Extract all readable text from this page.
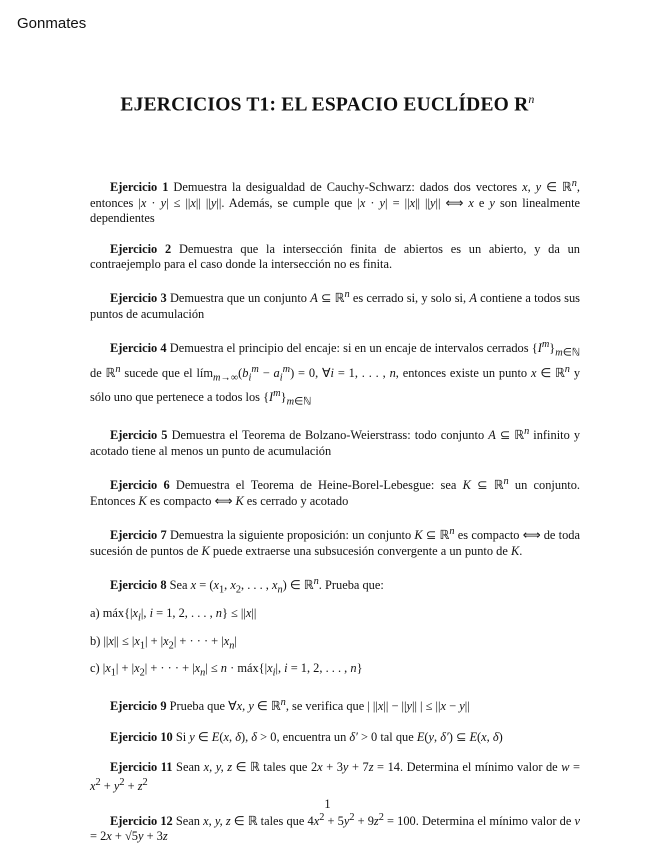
Gonmates
EJERCICIOS T1: EL ESPACIO EUCLÍDEO $R^n$

Ejercicio 1 Demuestra la desigualdad de Cauchy-Schwarz: dados dos vectores x, y ∈ ℝ$^n$, entonces |x · y| ≤ ||x|| ||y||. Además, se cumple que |x · y| = ||x|| ||y|| ⟺ x e y son linealmente dependientes

Ejercicio 2 Demuestra que la intersección finita de abiertos es un abierto, y da un contraejemplo para el caso donde la intersección no es finita.

Ejercicio 3 Demuestra que un conjunto A ⊆ ℝ$^n$ es cerrado si, y solo si, A contiene a todos sus puntos de acumulación

Ejercicio 4 Demuestra el principio del encaje: si en un encaje de intervalos cerrados $\{I^m\}_{m\in ℕ}$ de ℝ$^n$ sucede que el $lím_{m\to\infty}(b_i^m - a_i^m) = 0$, ∀i = 1, . . . , n, entonces existe un punto x ∈ ℝ$^n$ y sólo uno que pertenece a todos los $\{I^m\}_{m\in ℕ}$

Ejercicio 5 Demuestra el Teorema de Bolzano-Weierstrass: todo conjunto A ⊆ ℝ$^n$ infinito y acotado tiene al menos un punto de acumulación

Ejercicio 6 Demuestra el Teorema de Heine-Borel-Lebesgue: sea K ⊆ ℝ$^n$ un conjunto. Entonces K es compacto ⟺ K es cerrado y acotado

Ejercicio 7 Demuestra la siguiente proposición: un conjunto K ⊆ ℝ$^n$ es compacto ⟺ de toda sucesión de puntos de K puede extraerse una subsucesión convergente a un punto de K.

Ejercicio 8 Sea $x = (x_1$, $x_2$, . . . , $x_n$) ∈ ℝ$^n$. Prueba que:

a) $máx\{|x_i|$, i = 1, 2, . . . , n} ≤ ||x||
b) $||x|| \le |x_1| + |x_2|$ + · · · + $|x_n|$
c) $|x_1| + |x_2|$ + · · · + $|x_n| \le n$ · $máx\{|x_i|$, i = 1, 2, . . . , n}

Ejercicio 9 Prueba que ∀x, y ∈ ℝ$^n$, se verifica que | ||x|| − ||y|| | ≤ ||x − y||

Ejercicio 10 Si y ∈ E(x, δ), δ > 0, encuentra un δ′ > 0 tal que E(y, δ′) ⊆ E(x, δ)

Ejercicio 11 Sean x, y, z ∈ ℝ tales que 2x + 3y + 7z = 14. Determina el mínimo valor de $w = x^2 + y^2 + z^2$

Ejercicio 12 Sean x, y, z ∈ ℝ tales que $4x^2 + 5y^2 + 9z^2 = 100$. Determina el mínimo valor de v = 2x + √5y + 3z

1
